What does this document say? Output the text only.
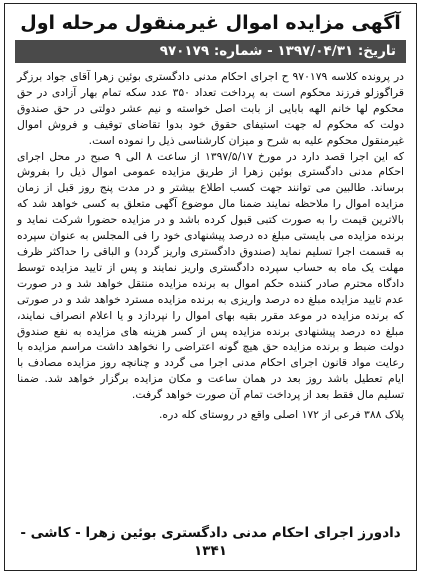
آگهی مزایده اموال غیرمنقول مرحله اول
تاریخ: ۱۳۹۷/۰۴/۳۱ - شماره: ۹۷۰۱۷۹

در پرونده کلاسه ۹۷۰۱۷۹ ح اجرای احکام مدنی دادگستری بوئین زهرا آقای جواد برزگر قراگوزلو فرزند محکوم است به پرداخت تعداد ۳۵۰ عدد سکه تمام بهار آزادی در حق محکوم لها خانم الهه بابایی از بابت اصل خواسته و نیم عشر دولتی در حق صندوق دولت که محکوم له جهت استیفای حقوق خود بدوا تقاضای توقیف و فروش اموال غیرمنقول محکوم علیه به شرح و میزان کارشناسی ذیل را نموده است.

که این اجرا قصد دارد در مورخ ۱۳۹۷/۵/۱۷ از ساعت ۸ الی ۹ صبح در محل اجرای احکام مدنی دادگستری بوئین زهرا از طریق مزایده عمومی اموال ذیل را بفروش برساند. طالبین می توانند جهت کسب اطلاع بیشتر و در مدت پنج روز قبل از زمان مزایده اموال را ملاحظه نمایند ضمنا مال موضوع آگهی متعلق به کسی خواهد شد که بالاترین قیمت را به صورت کتبی قبول کرده باشد و در مزایده حضورا شرکت نماید و برنده مزایده می بایستی مبلغ ده درصد پیشنهادی خود را فی المجلس به عنوان سپرده به قسمت اجرا تسلیم نماید (صندوق دادگستری واریز گردد) و الباقی را حداکثر ظرف مهلت یک ماه به حساب سپرده دادگستری واریز نمایند و پس از تایید مزایده توسط دادگاه محترم صادر کننده حکم اموال به برنده مزایده منتقل خواهد شد و در صورت عدم تایید مزایده مبلغ ده درصد واریزی به برنده مزایده مسترد خواهد شد و در صورتی که برنده مزایده در موعد مقرر بقیه بهای اموال را نپردازد و یا اعلام انصراف نمایند، مبلغ ده درصد پیشنهادی برنده مزایده پس از کسر هزینه های مزایده به نفع صندوق دولت ضبط و برنده مزایده حق هیچ گونه اعتراضی را نخواهد داشت مراسم مزایده با رعایت مواد قانون اجرای احکام مدنی اجرا می گردد و چنانچه روز مزایده مصادف با ایام تعطیل باشد روز بعد در همان ساعت و مکان مزایده برگزار خواهد شد. ضمنا تسلیم مال فقط بعد از پرداخت تمام آن صورت خواهد گرفت.

پلاک ۳۸۸ فرعی از ۱۷۲ اصلی واقع در روستای کله دره.
دادورز اجرای احکام مدنی دادگستری بوئین زهرا - کاشی - ۱۳۴۱
